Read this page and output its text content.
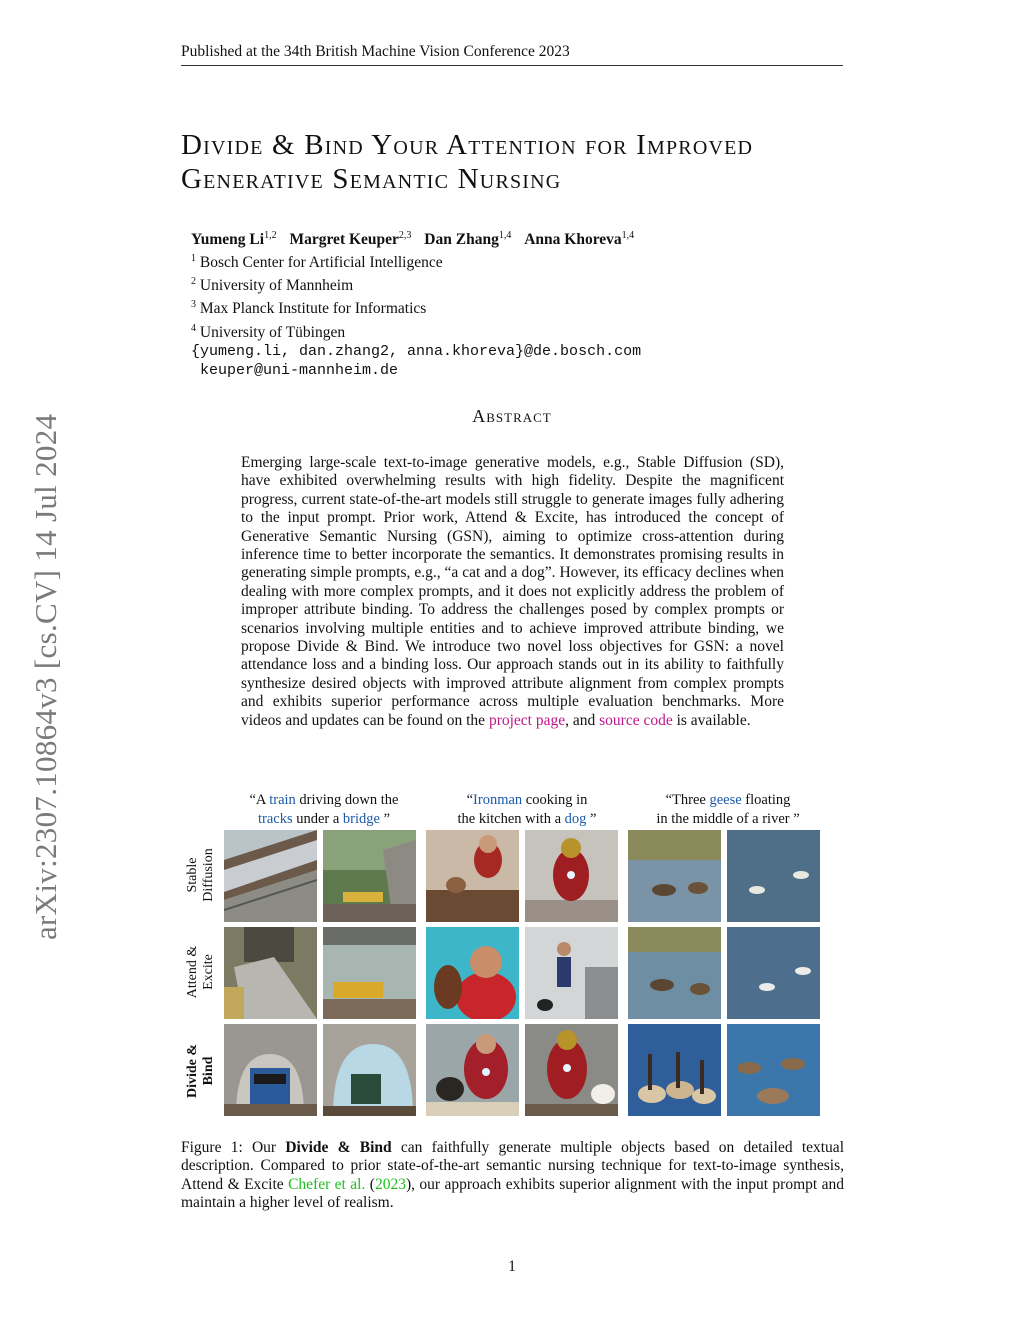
Published at the 34th British Machine Vision Conference 2023
arXiv:2307.10864v3 [cs.CV] 14 Jul 2024
Divide & Bind Your Attention for Improved
Generative Semantic Nursing
Yumeng Li$^{1,2}$ Margret Keuper$^{2,3}$ Dan Zhang$^{1,4}$ Anna Khoreva$^{1,4}$
$^1$ Bosch Center for Artificial Intelligence
$^2$ University of Mannheim
$^3$ Max Planck Institute for Informatics
$^4$ University of Tübingen
{yumeng.li, dan.zhang2, anna.khoreva}@de.bosch.com
keuper@uni-mannheim.de
Abstract
Emerging large-scale text-to-image generative models, e.g., Stable Diffusion (SD), have exhibited overwhelming results with high fidelity. Despite the magnificent progress, current state-of-the-art models still struggle to generate images fully adhering to the input prompt. Prior work, Attend & Excite, has introduced the concept of Generative Semantic Nursing (GSN), aiming to optimize cross-attention during inference time to better incorporate the semantics. It demonstrates promising results in generating simple prompts, e.g., “a cat and a dog”. However, its efficacy declines when dealing with more complex prompts, and it does not explicitly address the problem of improper attribute binding. To address the challenges posed by complex prompts or scenarios involving multiple entities and to achieve improved attribute binding, we propose Divide & Bind. We introduce two novel loss objectives for GSN: a novel attendance loss and a binding loss. Our approach stands out in its ability to faithfully synthesize desired objects with improved attribute alignment from complex prompts and exhibits superior performance across multiple evaluation benchmarks. More videos and updates can be found on the project page, and source code is available.
“A train driving down the
tracks under a bridge ”
“Ironman cooking in
the kitchen with a dog ”
“Three geese floating
in the middle of a river ”
Stable Diffusion
Attend & Excite
Divide & Bind
Figure 1: Our Divide & Bind can faithfully generate multiple objects based on detailed textual description. Compared to prior state-of-the-art semantic nursing technique for text-to-image synthesis, Attend & Excite Chefer et al. (2023), our approach exhibits superior alignment with the input prompt and maintain a higher level of realism.
1
